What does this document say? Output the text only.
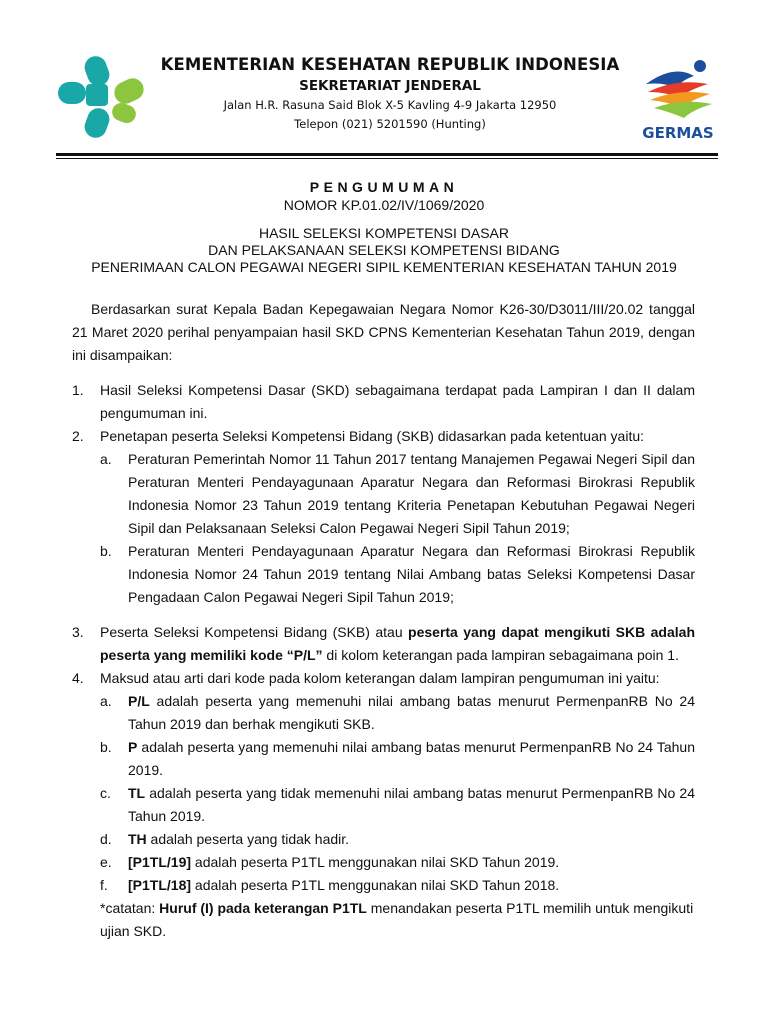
KEMENTERIAN KESEHATAN REPUBLIK INDONESIA
SEKRETARIAT JENDERAL
Jalan H.R. Rasuna Said Blok X-5 Kavling 4-9 Jakarta 12950
Telepon (021) 5201590 (Hunting)	GERMAS
PENGUMUMAN
NOMOR KP.01.02/IV/1069/2020
HASIL SELEKSI KOMPETENSI DASAR
DAN PELAKSANAAN SELEKSI KOMPETENSI BIDANG
PENERIMAAN CALON PEGAWAI NEGERI SIPIL KEMENTERIAN KESEHATAN TAHUN 2019

Berdasarkan surat Kepala Badan Kepegawaian Negara Nomor K26-30/D3011/III/20.02 tanggal 21 Maret 2020 perihal penyampaian hasil SKD CPNS Kementerian Kesehatan Tahun 2019, dengan ini disampaikan:

1. Hasil Seleksi Kompetensi Dasar (SKD) sebagaimana terdapat pada Lampiran I dan II dalam pengumuman ini.
2. Penetapan peserta Seleksi Kompetensi Bidang (SKB) didasarkan pada ketentuan yaitu:
a. Peraturan Pemerintah Nomor 11 Tahun 2017 tentang Manajemen Pegawai Negeri Sipil dan Peraturan Menteri Pendayagunaan Aparatur Negara dan Reformasi Birokrasi Republik Indonesia Nomor 23 Tahun 2019 tentang Kriteria Penetapan Kebutuhan Pegawai Negeri Sipil dan Pelaksanaan Seleksi Calon Pegawai Negeri Sipil Tahun 2019;
b. Peraturan Menteri Pendayagunaan Aparatur Negara dan Reformasi Birokrasi Republik Indonesia Nomor 24 Tahun 2019 tentang Nilai Ambang batas Seleksi Kompetensi Dasar Pengadaan Calon Pegawai Negeri Sipil Tahun 2019;
3. Peserta Seleksi Kompetensi Bidang (SKB) atau peserta yang dapat mengikuti SKB adalah peserta yang memiliki kode “P/L” di kolom keterangan pada lampiran sebagaimana poin 1.
4. Maksud atau arti dari kode pada kolom keterangan dalam lampiran pengumuman ini yaitu:
a. P/L adalah peserta yang memenuhi nilai ambang batas menurut PermenpanRB No 24 Tahun 2019 dan berhak mengikuti SKB.
b. P adalah peserta yang memenuhi nilai ambang batas menurut PermenpanRB No 24 Tahun 2019.
c. TL adalah peserta yang tidak memenuhi nilai ambang batas menurut PermenpanRB No 24 Tahun 2019.
d. TH adalah peserta yang tidak hadir.
e. [P1TL/19] adalah peserta P1TL menggunakan nilai SKD Tahun 2019.
f. [P1TL/18] adalah peserta P1TL menggunakan nilai SKD Tahun 2018.
*catatan: Huruf (I) pada keterangan P1TL menandakan peserta P1TL memilih untuk mengikuti ujian SKD.
